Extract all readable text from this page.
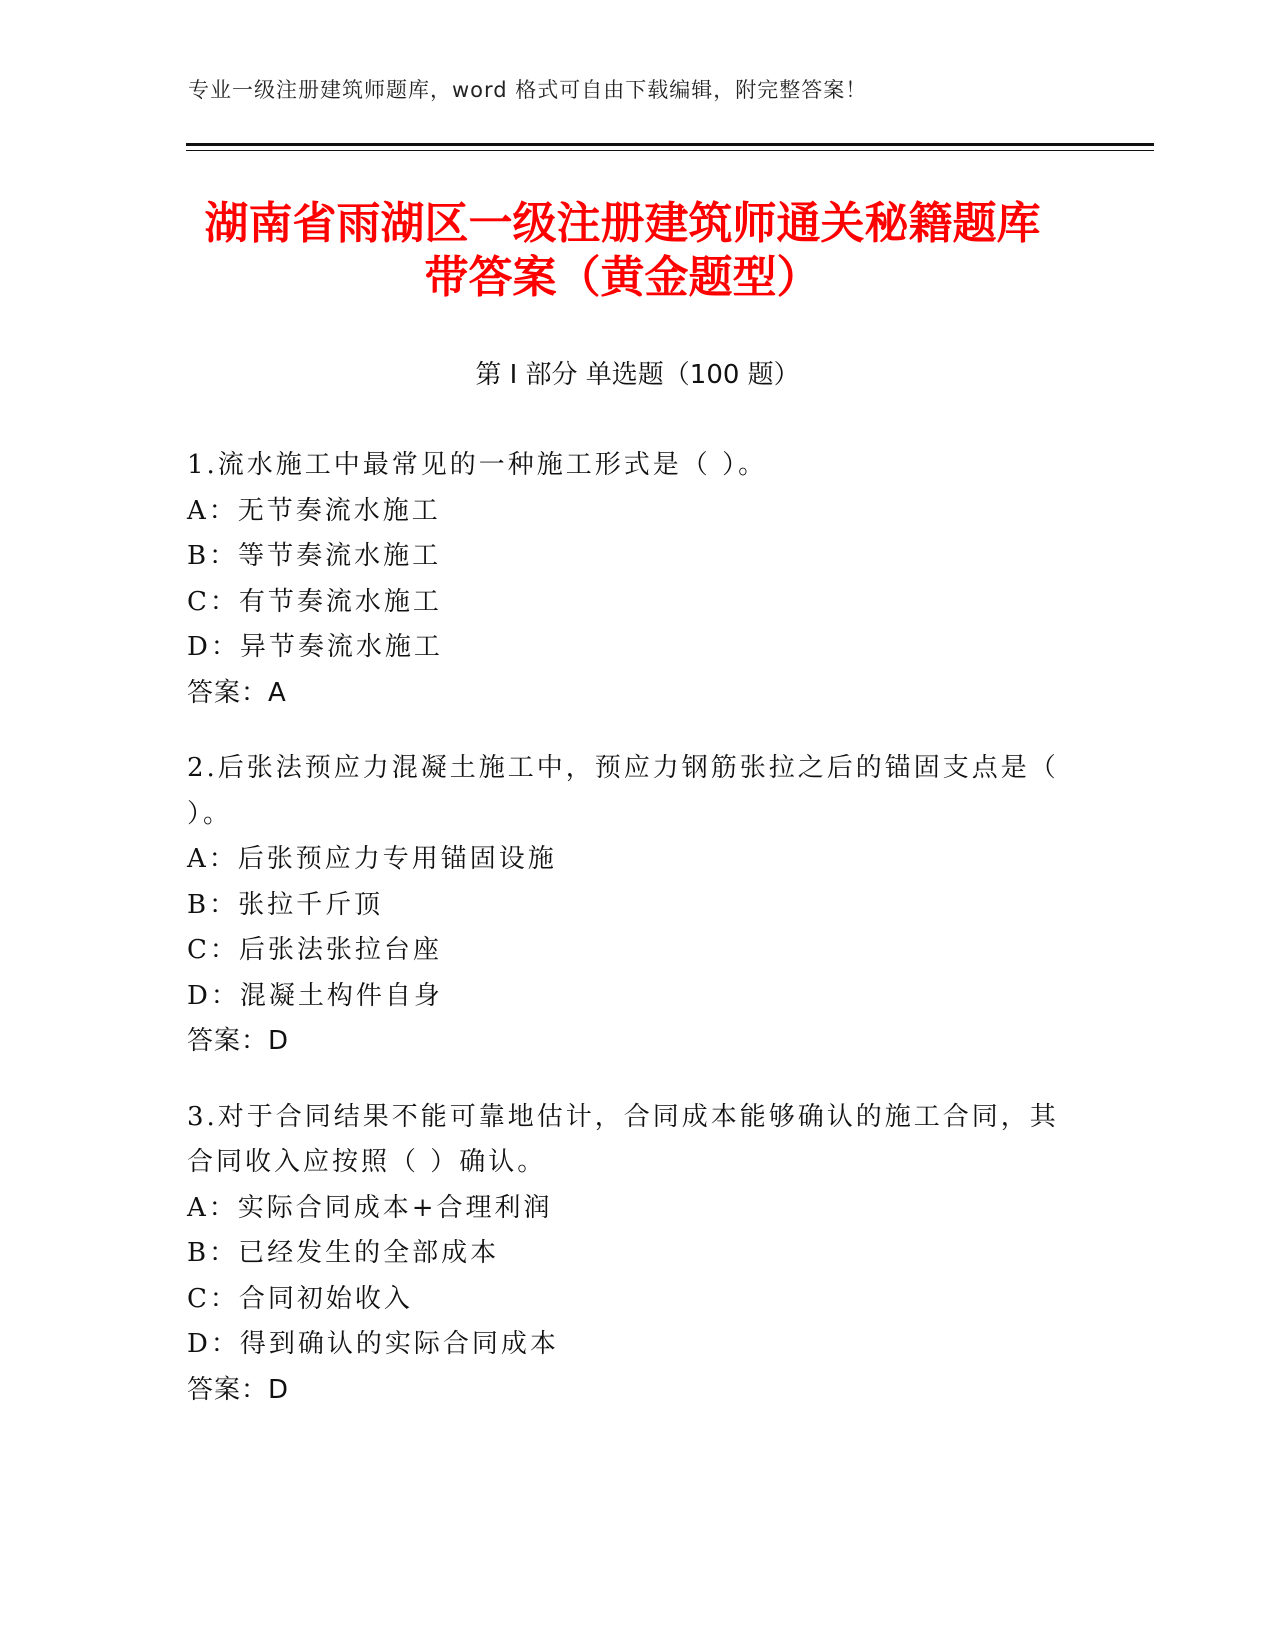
专业一级注册建筑师题库，word 格式可自由下载编辑，附完整答案！
湖南省雨湖区一级注册建筑师通关秘籍题库
带答案（黄金题型）
第 I 部分 单选题（100 题）
1.流水施工中最常见的一种施工形式是（ ）。
A：无节奏流水施工
B：等节奏流水施工
C：有节奏流水施工
D：异节奏流水施工
答案：A
2.后张法预应力混凝土施工中，预应力钢筋张拉之后的锚固支点是（ ）。
A：后张预应力专用锚固设施
B：张拉千斤顶
C：后张法张拉台座
D：混凝土构件自身
答案：D
3.对于合同结果不能可靠地估计，合同成本能够确认的施工合同，其合同收入应按照（ ）确认。
A：实际合同成本+合理利润
B：已经发生的全部成本
C：合同初始收入
D：得到确认的实际合同成本
答案：D
